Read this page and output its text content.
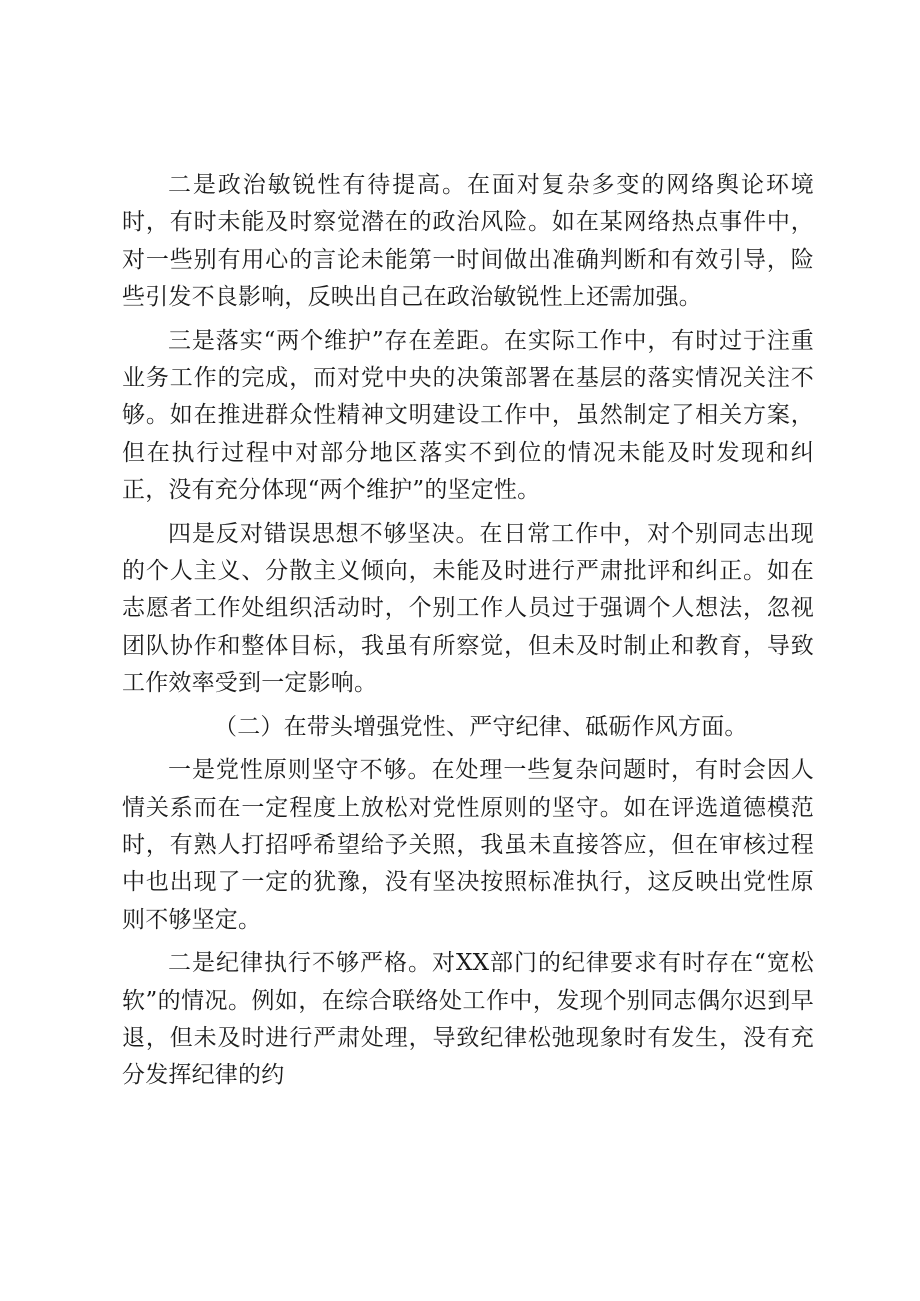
二是政治敏锐性有待提高。在面对复杂多变的网络舆论环境时，有时未能及时察觉潜在的政治风险。如在某网络热点事件中，对一些别有用心的言论未能第一时间做出准确判断和有效引导，险些引发不良影响，反映出自己在政治敏锐性上还需加强。

三是落实“两个维护”存在差距。在实际工作中，有时过于注重业务工作的完成，而对党中央的决策部署在基层的落实情况关注不够。如在推进群众性精神文明建设工作中，虽然制定了相关方案，但在执行过程中对部分地区落实不到位的情况未能及时发现和纠正，没有充分体现“两个维护”的坚定性。

四是反对错误思想不够坚决。在日常工作中，对个别同志出现的个人主义、分散主义倾向，未能及时进行严肃批评和纠正。如在志愿者工作处组织活动时，个别工作人员过于强调个人想法，忽视团队协作和整体目标，我虽有所察觉，但未及时制止和教育，导致工作效率受到一定影响。

（二）在带头增强党性、严守纪律、砥砺作风方面。

一是党性原则坚守不够。在处理一些复杂问题时，有时会因人情关系而在一定程度上放松对党性原则的坚守。如在评选道德模范时，有熟人打招呼希望给予关照，我虽未直接答应，但在审核过程中也出现了一定的犹豫，没有坚决按照标准执行，这反映出党性原则不够坚定。

二是纪律执行不够严格。对XX部门的纪律要求有时存在“宽松软”的情况。例如，在综合联络处工作中，发现个别同志偶尔迟到早退，但未及时进行严肃处理，导致纪律松弛现象时有发生，没有充分发挥纪律的约
